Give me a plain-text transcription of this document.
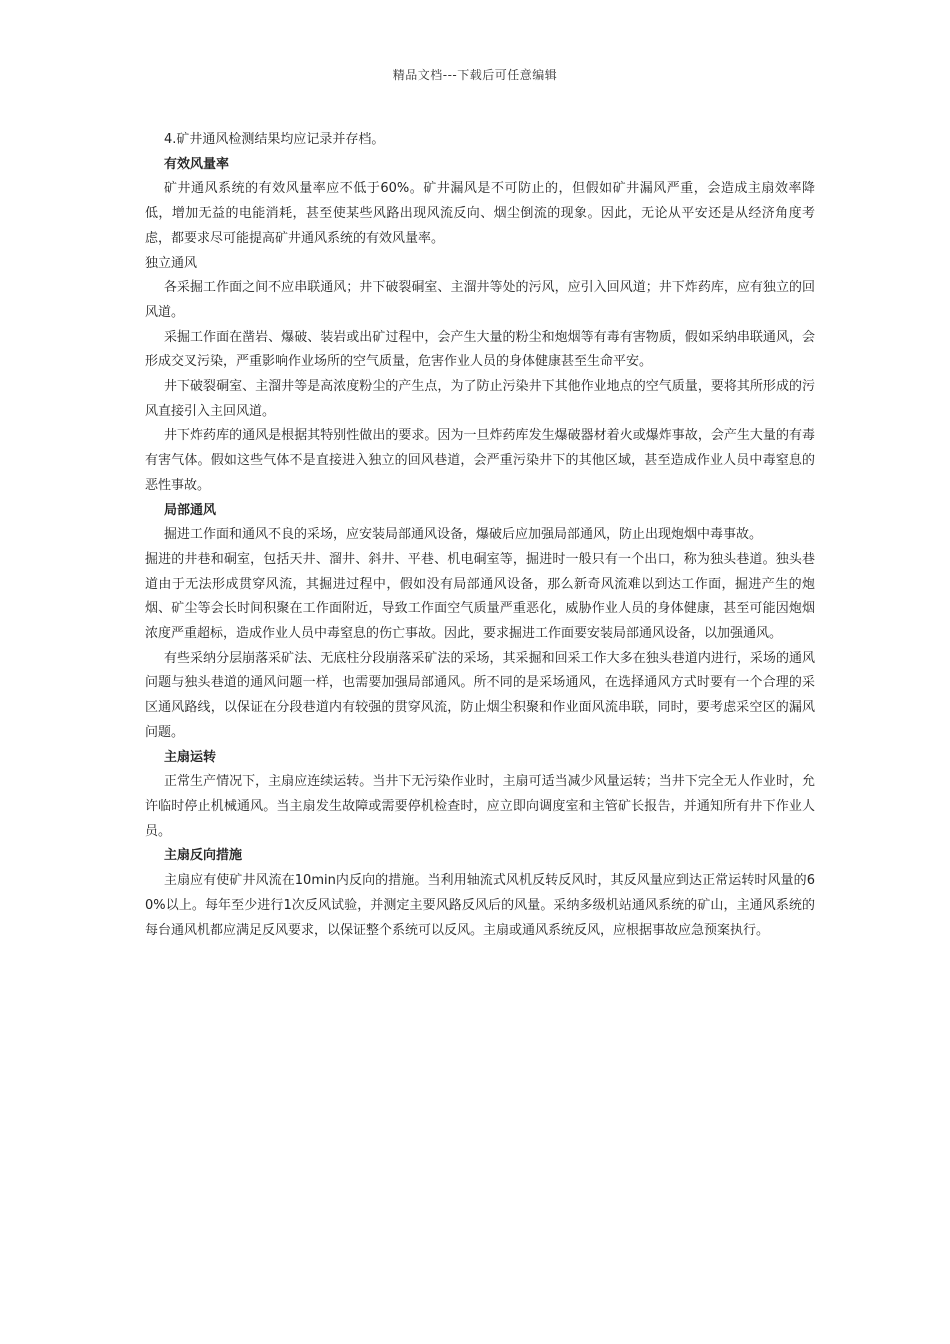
精品文档---下载后可任意编辑

4.矿井通风检测结果均应记录并存档。

有效风量率

矿井通风系统的有效风量率应不低于60%。矿井漏风是不可防止的，但假如矿井漏风严重，会造成主扇效率降低，增加无益的电能消耗，甚至使某些风路出现风流反向、烟尘倒流的现象。因此，无论从平安还是从经济角度考虑，都要求尽可能提高矿井通风系统的有效风量率。

独立通风

各采掘工作面之间不应串联通风；井下破裂硐室、主溜井等处的污风，应引入回风道；井下炸药库，应有独立的回风道。

采掘工作面在凿岩、爆破、装岩或出矿过程中，会产生大量的粉尘和炮烟等有毒有害物质，假如采纳串联通风，会形成交叉污染，严重影响作业场所的空气质量，危害作业人员的身体健康甚至生命平安。

井下破裂硐室、主溜井等是高浓度粉尘的产生点，为了防止污染井下其他作业地点的空气质量，要将其所形成的污风直接引入主回风道。

井下炸药库的通风是根据其特别性做出的要求。因为一旦炸药库发生爆破器材着火或爆炸事故，会产生大量的有毒有害气体。假如这些气体不是直接进入独立的回风巷道，会严重污染井下的其他区域，甚至造成作业人员中毒窒息的恶性事故。

局部通风

掘进工作面和通风不良的采场，应安装局部通风设备，爆破后应加强局部通风，防止出现炮烟中毒事故。

掘进的井巷和硐室，包括天井、溜井、斜井、平巷、机电硐室等，掘进时一般只有一个出口，称为独头巷道。独头巷道由于无法形成贯穿风流，其掘进过程中，假如没有局部通风设备，那么新奇风流难以到达工作面，掘进产生的炮烟、矿尘等会长时间积聚在工作面附近，导致工作面空气质量严重恶化，威胁作业人员的身体健康，甚至可能因炮烟浓度严重超标，造成作业人员中毒窒息的伤亡事故。因此，要求掘进工作面要安装局部通风设备，以加强通风。

有些采纳分层崩落采矿法、无底柱分段崩落采矿法的采场，其采掘和回采工作大多在独头巷道内进行，采场的通风问题与独头巷道的通风问题一样，也需要加强局部通风。所不同的是采场通风，在选择通风方式时要有一个合理的采区通风路线，以保证在分段巷道内有较强的贯穿风流，防止烟尘积聚和作业面风流串联，同时，要考虑采空区的漏风问题。

主扇运转

正常生产情况下，主扇应连续运转。当井下无污染作业时，主扇可适当减少风量运转；当井下完全无人作业时，允许临时停止机械通风。当主扇发生故障或需要停机检查时，应立即向调度室和主管矿长报告，并通知所有井下作业人员。

主扇反向措施

主扇应有使矿井风流在10min内反向的措施。当利用轴流式风机反转反风时，其反风量应到达正常运转时风量的60%以上。每年至少进行1次反风试验，并测定主要风路反风后的风量。采纳多级机站通风系统的矿山，主通风系统的每台通风机都应满足反风要求，以保证整个系统可以反风。主扇或通风系统反风，应根据事故应急预案执行。
